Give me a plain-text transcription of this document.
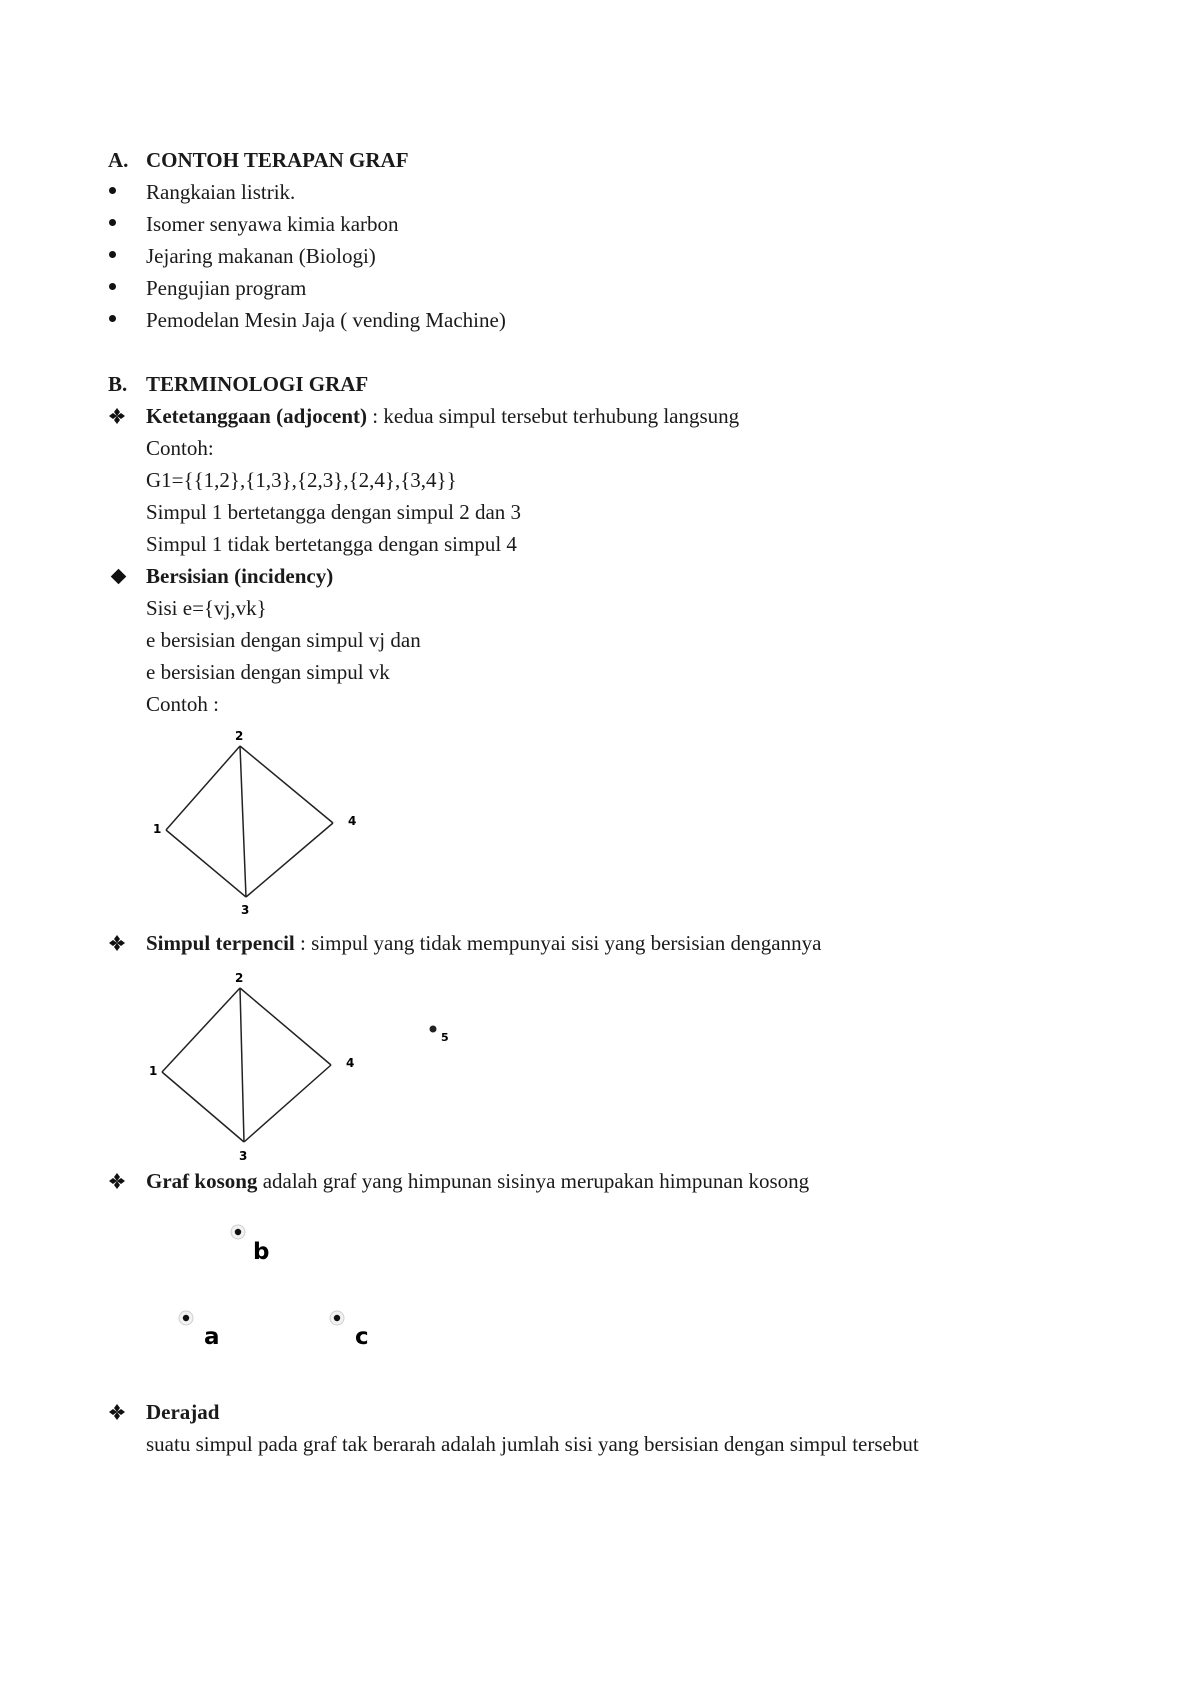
A. CONTOH TERAPAN GRAF
Rangkaian listrik.
Isomer senyawa kimia karbon
Jejaring makanan (Biologi)
Pengujian program
Pemodelan Mesin Jaja ( vending Machine)
B. TERMINOLOGI GRAF
Ketetanggaan (adjocent) : kedua simpul tersebut terhubung langsung
Contoh:
G1={{1,2},{1,3},{2,3},{2,4},{3,4}}
Simpul 1 bertetangga dengan simpul 2 dan 3
Simpul 1 tidak bertetangga dengan simpul 4
Bersisian (incidency)
Sisi e={vj,vk}
e bersisian dengan simpul vj dan
e bersisian dengan simpul vk
Contoh :
1
2
3
4
Simpul terpencil : simpul yang tidak mempunyai sisi yang bersisian dengannya
1
2
3
4
5
Graf kosong adalah graf yang himpunan sisinya merupakan himpunan kosong
a
b
c
Derajad
suatu simpul pada graf tak berarah adalah jumlah sisi yang bersisian dengan simpul tersebut
